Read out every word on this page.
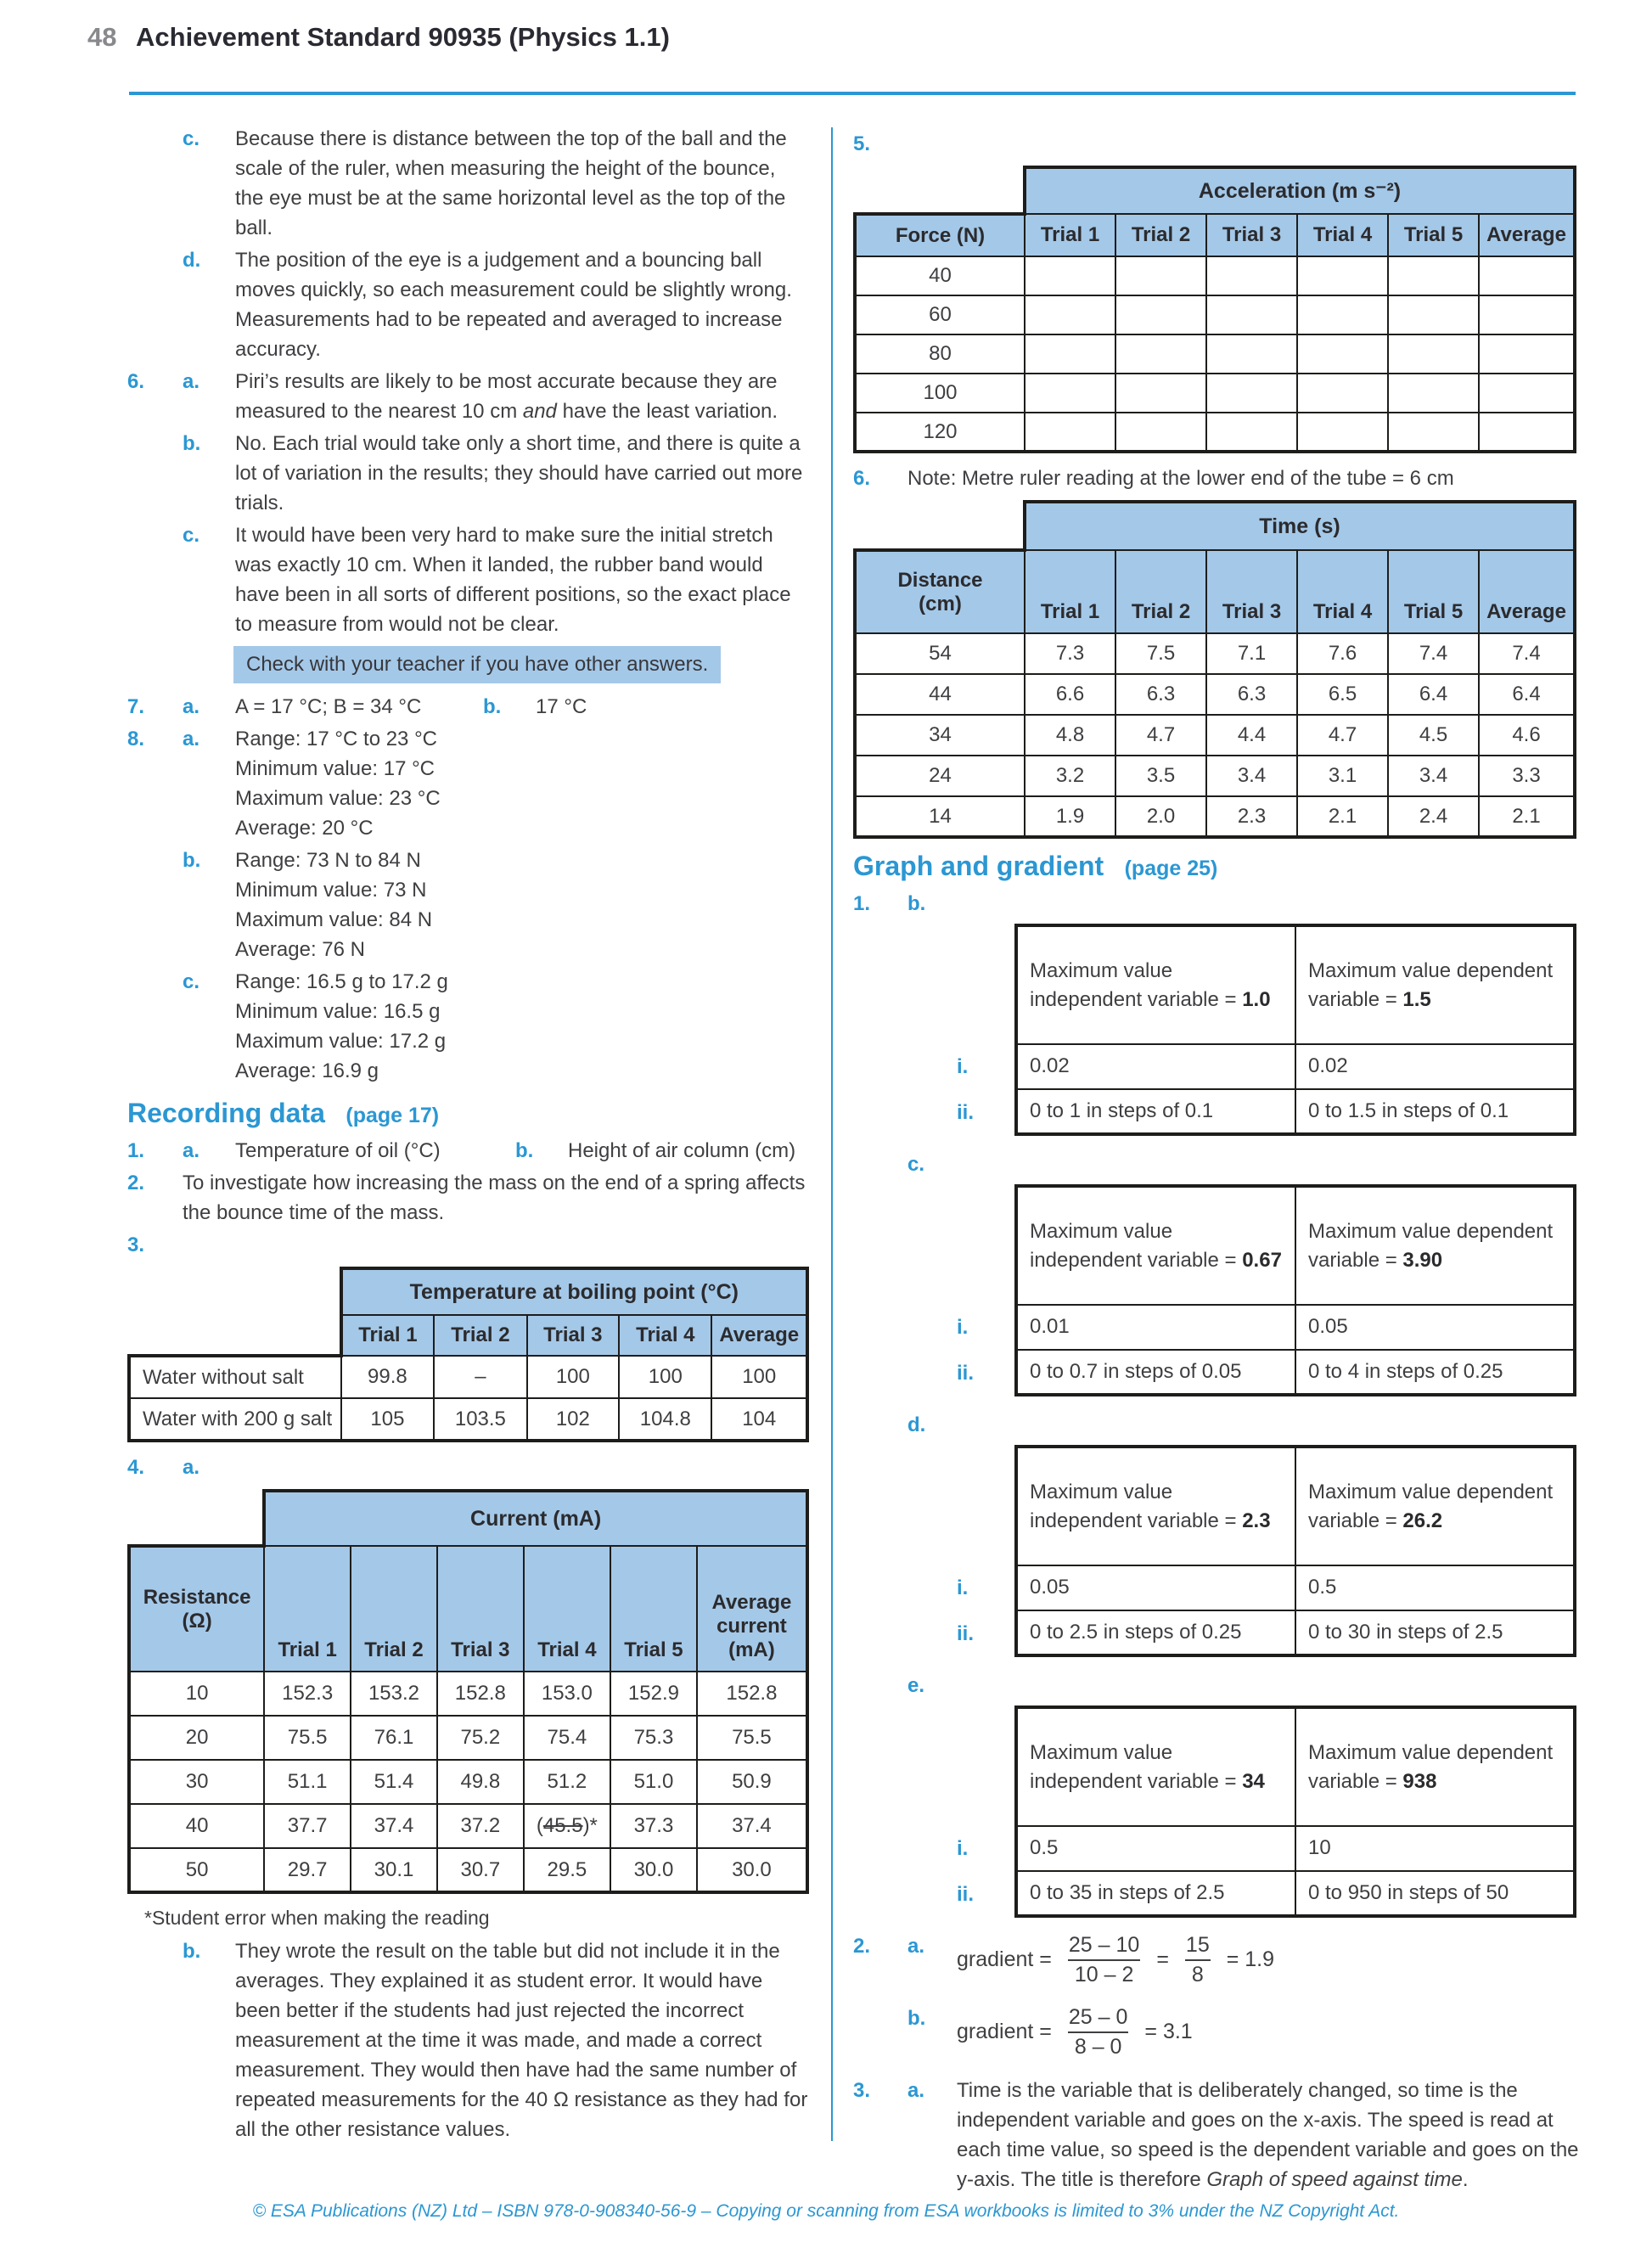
48 Achievement Standard 90935 (Physics 1.1)
c.	Because there is distance between the top of the ball and the scale of the ruler, when measuring the height of the bounce, the eye must be at the same horizontal level as the top of the ball.
d.	The position of the eye is a judgement and a bouncing ball moves quickly, so each measurement could be slightly wrong. Measurements had to be repeated and averaged to increase accuracy.
6.	a.	Piri’s results are likely to be most accurate because they are measured to the nearest 10 cm and have the least variation.
b.	No. Each trial would take only a short time, and there is quite a lot of variation in the results; they should have carried out more trials.
c.	It would have been very hard to make sure the initial stretch was exactly 10 cm. When it landed, the rubber band would have been in all sorts of different positions, so the exact place to measure from would not be clear.
Check with your teacher if you have other answers.
7.	a.	A = 17 °C; B = 34 °C	b.	17 °C
8.	a.	Range: 17 °C to 23 °C
Minimum value: 17 °C
Maximum value: 23 °C
Average: 20 °C
b.	Range: 73 N to 84 N
Minimum value: 73 N
Maximum value: 84 N
Average: 76 N
c.	Range: 16.5 g to 17.2 g
Minimum value: 16.5 g
Maximum value: 17.2 g
Average: 16.9 g
Recording data (page 17)
1.	a.	Temperature of oil (°C)	b.	Height of air column (cm)
2.	To investigate how increasing the mass on the end of a spring affects the bounce time of the mass.
3.
	Temperature at boiling point (°C)				
	Trial 1	Trial 2	Trial 3	Trial 4	Average
Water without salt	99.8	–	100	100	100
Water with 200 g salt	105	103.5	102	104.8	104
4.	a.
	Current (mA)					

Resistance
(Ω)	Trial 1	Trial 2	Trial 3	Trial 4	Trial 5	Average current (mA)
10	152.3	153.2	152.8	153.0	152.9	152.8
20	75.5	76.1	75.2	75.4	75.3	75.5
30	51.1	51.4	49.8	51.2	51.0	50.9
40	37.7	37.4	37.2	(45.5)*	37.3	37.4
50	29.7	30.1	30.7	29.5	30.0	30.0
*Student error when making the reading
b.	They wrote the result on the table but did not include it in the averages. They explained it as student error. It would have been better if the students had just rejected the incorrect measurement at the time it was made, and made a correct measurement. They would then have had the same number of repeated measurements for the 40 Ω resistance as they had for all the other resistance values.
5.
	Acceleration (m s⁻²)					
Force (N)	Trial 1	Trial 2	Trial 3	Trial 4	Trial 5	Average
40						
60						
80						
100						
120						
6.	Note: Metre ruler reading at the lower end of the tube = 6 cm
	Time (s)					

Distance
(cm)	Trial 1	Trial 2	Trial 3	Trial 4	Trial 5	Average
54	7.3	7.5	7.1	7.6	7.4	7.4
44	6.6	6.3	6.3	6.5	6.4	6.4
34	4.8	4.7	4.4	4.7	4.5	4.6
24	3.2	3.5	3.4	3.1	3.4	3.3
14	1.9	2.0	2.3	2.1	2.4	2.1
Graph and gradient (page 25)
1.	b.
i.
ii.
Maximum value independent variable = 1.0	Maximum value dependent variable = 1.5
0.02	0.02
0 to 1 in steps of 0.1	0 to 1.5 in steps of 0.1
c.
i.
ii.
Maximum value independent variable = 0.67	Maximum value dependent variable = 3.90
0.01	0.05
0 to 0.7 in steps of 0.05	0 to 4 in steps of 0.25
d.
i.
ii.
Maximum value independent variable = 2.3	Maximum value dependent variable = 26.2
0.05	0.5
0 to 2.5 in steps of 0.25	0 to 30 in steps of 2.5
e.
i.
ii.
Maximum value independent variable = 34	Maximum value dependent variable = 938
0.5	10
0 to 35 in steps of 2.5	0 to 950 in steps of 50
2.	a.
gradient = $\frac{25 - 10}{10 - 2} = \frac{15}{8} = 1.9$
b.
gradient = $\frac{25 - 0}{8 - 0} = 3.1$
3.	a.	Time is the variable that is deliberately changed, so time is the independent variable and goes on the x-axis. The speed is read at each time value, so speed is the dependent variable and goes on the y-axis. The title is therefore Graph of speed against time.
© ESA Publications (NZ) Ltd – ISBN 978-0-908340-56-9 – Copying or scanning from ESA workbooks is limited to 3% under the NZ Copyright Act.
